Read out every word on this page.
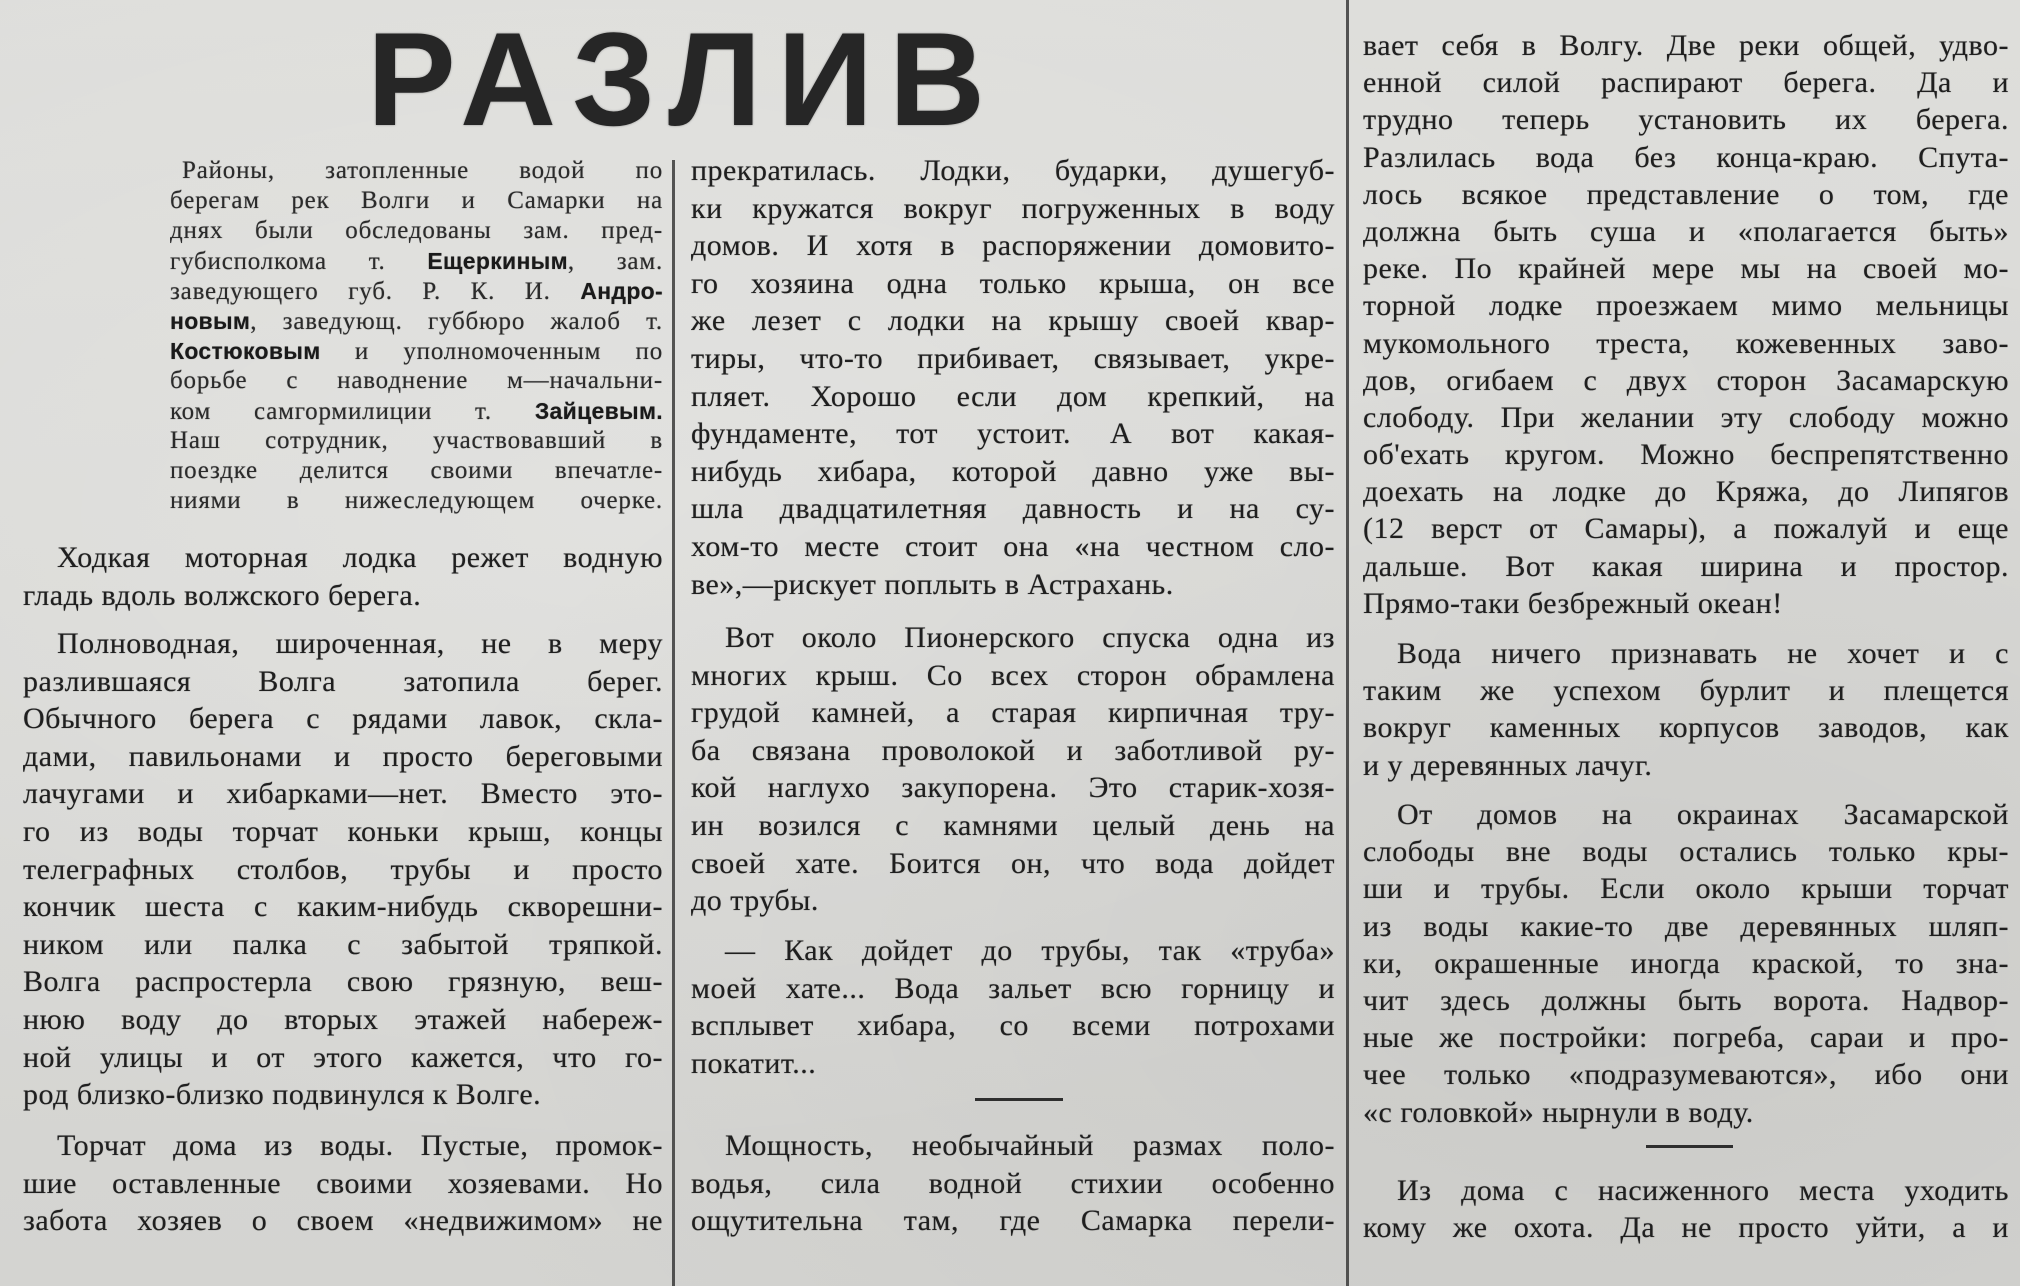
РАЗЛИВ
Районы, затопленные водой по
берегам рек Волги и Самарки на
днях были обследованы зам. пред-
губисполкома т. Ещеркиным, зам.
заведующего губ. Р. К. И. Андро-
новым, заведующ. губбюро жалоб т.
Костюковым и уполномоченным по
борьбе с наводнение м—начальни-
ком самгормилиции т. Зайцевым.
Наш сотрудник, участвовавший в
поездке делится своими впечатле-
ниями в нижеследующем очерке.
Ходкая моторная лодка режет водную
гладь вдоль волжского берега.
Полноводная, широченная, не в меру
разлившаяся Волга затопила берег.
Обычного берега с рядами лавок, скла-
дами, павильонами и просто береговыми
лачугами и хибарками—нет. Вместо это-
го из воды торчат коньки крыш, концы
телеграфных столбов, трубы и просто
кончик шеста с каким-нибудь скворешни-
ником или палка с забытой тряпкой.
Волга распростерла свою грязную, веш-
нюю воду до вторых этажей набереж-
ной улицы и от этого кажется, что го-
род близко-близко подвинулся к Волге.
Торчат дома из воды. Пустые, промок-
шие оставленные своими хозяевами. Но
забота хозяев о своем «недвижимом» не
прекратилась. Лодки, бударки, душегуб-
ки кружатся вокруг погруженных в воду
домов. И хотя в распоряжении домовито-
го хозяина одна только крыша, он все
же лезет с лодки на крышу своей квар-
тиры, что-то прибивает, связывает, укре-
пляет. Хорошо если дом крепкий, на
фундаменте, тот устоит. А вот какая-
нибудь хибара, которой давно уже вы-
шла двадцатилетняя давность и на су-
хом-то месте стоит она «на честном сло-
ве»,—рискует поплыть в Астрахань.
Вот около Пионерского спуска одна из
многих крыш. Со всех сторон обрамлена
грудой камней, а старая кирпичная тру-
ба связана проволокой и заботливой ру-
кой наглухо закупорена. Это старик-хозя-
ин возился с камнями целый день на
своей хате. Боится он, что вода дойдет
до трубы.
— Как дойдет до трубы, так «труба»
моей хате... Вода зальет всю горницу и
всплывет хибара, со всеми потрохами
покатит...
Мощность, необычайный размах поло-
водья, сила водной стихии особенно
ощутительна там, где Самарка перели-
вает себя в Волгу. Две реки общей, удво-
енной силой распирают берега. Да и
трудно теперь установить их берега.
Разлилась вода без конца-краю. Спута-
лось всякое представление о том, где
должна быть суша и «полагается быть»
реке. По крайней мере мы на своей мо-
торной лодке проезжаем мимо мельницы
мукомольного треста, кожевенных заво-
дов, огибаем с двух сторон Засамарскую
слободу. При желании эту слободу можно
об'ехать кругом. Можно беспрепятственно
доехать на лодке до Кряжа, до Липягов
(12 верст от Самары), а пожалуй и еще
дальше. Вот какая ширина и простор.
Прямо-таки безбрежный океан!
Вода ничего признавать не хочет и с
таким же успехом бурлит и плещется
вокруг каменных корпусов заводов, как
и у деревянных лачуг.
От домов на окраинах Засамарской
слободы вне воды остались только кры-
ши и трубы. Если около крыши торчат
из воды какие-то две деревянных шляп-
ки, окрашенные иногда краской, то зна-
чит здесь должны быть ворота. Надвор-
ные же постройки: погреба, сараи и про-
чее только «подразумеваются», ибо они
«с головкой» нырнули в воду.
Из дома с насиженного места уходить
кому же охота. Да не просто уйти, а и
